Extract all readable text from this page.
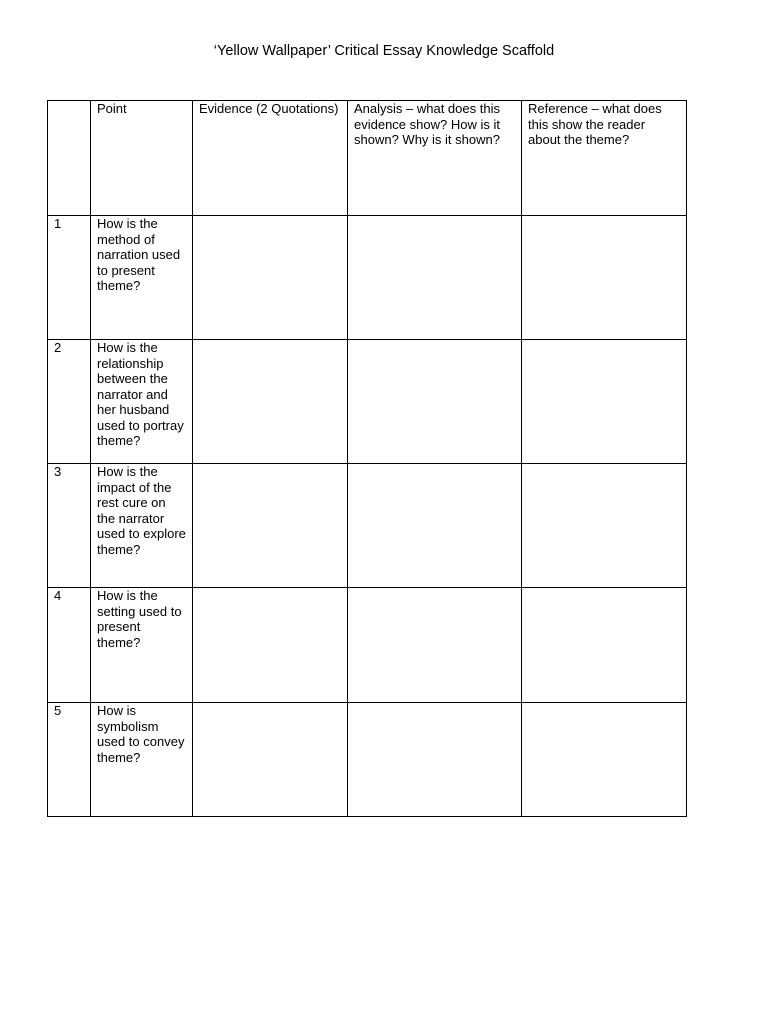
‘Yellow Wallpaper’ Critical Essay Knowledge Scaffold
	Point	Evidence (2 Quotations)	Analysis – what does this evidence show? How is it shown? Why is it shown?	Reference – what does this show the reader about the theme?
1	How is the method of narration used to present theme?			
2	How is the relationship between the narrator and her husband used to portray theme?			
3	How is the impact of the rest cure on the narrator used to explore theme?			
4	How is the setting used to present theme?			
5	How is symbolism used to convey theme?			
